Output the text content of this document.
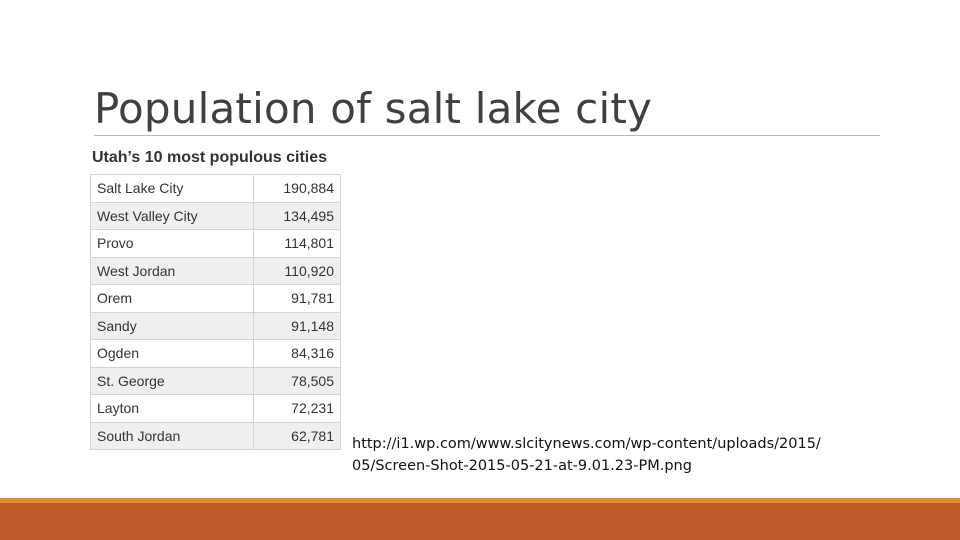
Population of salt lake city
Utah’s 10 most populous cities
Salt Lake City	190,884
West Valley City	134,495
Provo	114,801
West Jordan	110,920
Orem	91,781
Sandy	91,148
Ogden	84,316
St. George	78,505
Layton	72,231
South Jordan	62,781
http://i1.wp.com/www.slcitynews.com/wp-content/uploads/2015/05/Screen-Shot-2015-05-21-at-9.01.23-PM.png
